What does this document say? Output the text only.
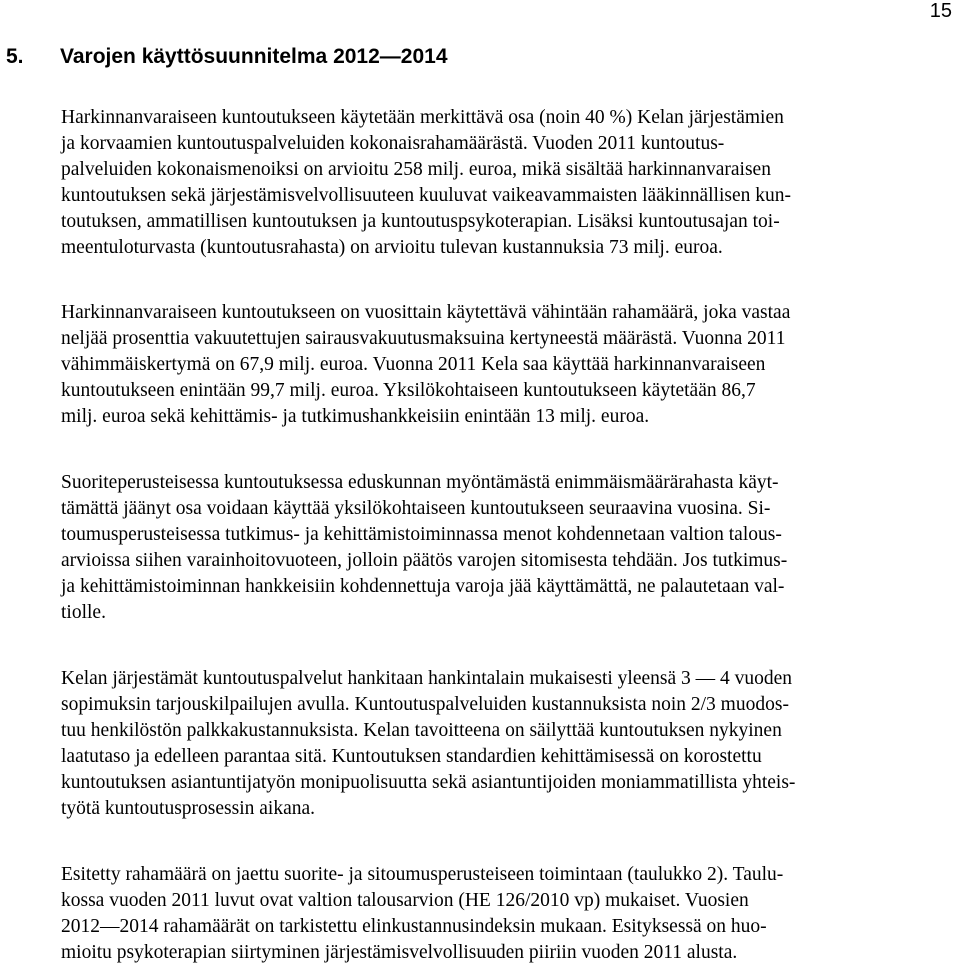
15
5. Varojen käyttösuunnitelma 2012—2014

Harkinnanvaraiseen kuntoutukseen käytetään merkittävä osa (noin 40 %) Kelan järjestämien

ja korvaamien kuntoutuspalveluiden kokonaisrahamäärästä. Vuoden 2011 kuntoutus-

palveluiden kokonaismenoiksi on arvioitu 258 milj. euroa, mikä sisältää harkinnanvaraisen

kuntoutuksen sekä järjestämisvelvollisuuteen kuuluvat vaikeavammaisten lääkinnällisen kun-

toutuksen, ammatillisen kuntoutuksen ja kuntoutuspsykoterapian. Lisäksi kuntoutusajan toi-

meentuloturvasta (kuntoutusrahasta) on arvioitu tulevan kustannuksia 73 milj. euroa.

Harkinnanvaraiseen kuntoutukseen on vuosittain käytettävä vähintään rahamäärä, joka vastaa

neljää prosenttia vakuutettujen sairausvakuutusmaksuina kertyneestä määrästä. Vuonna 2011

vähimmäiskertymä on 67,9 milj. euroa. Vuonna 2011 Kela saa käyttää harkinnanvaraiseen

kuntoutukseen enintään 99,7 milj. euroa. Yksilökohtaiseen kuntoutukseen käytetään 86,7

milj. euroa sekä kehittämis- ja tutkimushankkeisiin enintään 13 milj. euroa.

Suoriteperusteisessa kuntoutuksessa eduskunnan myöntämästä enimmäismäärärahasta käyt-

tämättä jäänyt osa voidaan käyttää yksilökohtaiseen kuntoutukseen seuraavina vuosina. Si-

toumusperusteisessa tutkimus- ja kehittämistoiminnassa menot kohdennetaan valtion talous-

arvioissa siihen varainhoitovuoteen, jolloin päätös varojen sitomisesta tehdään. Jos tutkimus-

ja kehittämistoiminnan hankkeisiin kohdennettuja varoja jää käyttämättä, ne palautetaan val-

tiolle.

Kelan järjestämät kuntoutuspalvelut hankitaan hankintalain mukaisesti yleensä 3 — 4 vuoden

sopimuksin tarjouskilpailujen avulla. Kuntoutuspalveluiden kustannuksista noin 2/3 muodos-

tuu henkilöstön palkkakustannuksista. Kelan tavoitteena on säilyttää kuntoutuksen nykyinen

laatutaso ja edelleen parantaa sitä. Kuntoutuksen standardien kehittämisessä on korostettu

kuntoutuksen asiantuntijatyön monipuolisuutta sekä asiantuntijoiden moniammatillista yhteis-

työtä kuntoutusprosessin aikana.

Esitetty rahamäärä on jaettu suorite- ja sitoumusperusteiseen toimintaan (taulukko 2). Taulu-

kossa vuoden 2011 luvut ovat valtion talousarvion (HE 126/2010 vp) mukaiset. Vuosien

2012—2014 rahamäärät on tarkistettu elinkustannusindeksin mukaan. Esityksessä on huo-

mioitu psykoterapian siirtyminen järjestämisvelvollisuuden piiriin vuoden 2011 alusta.
